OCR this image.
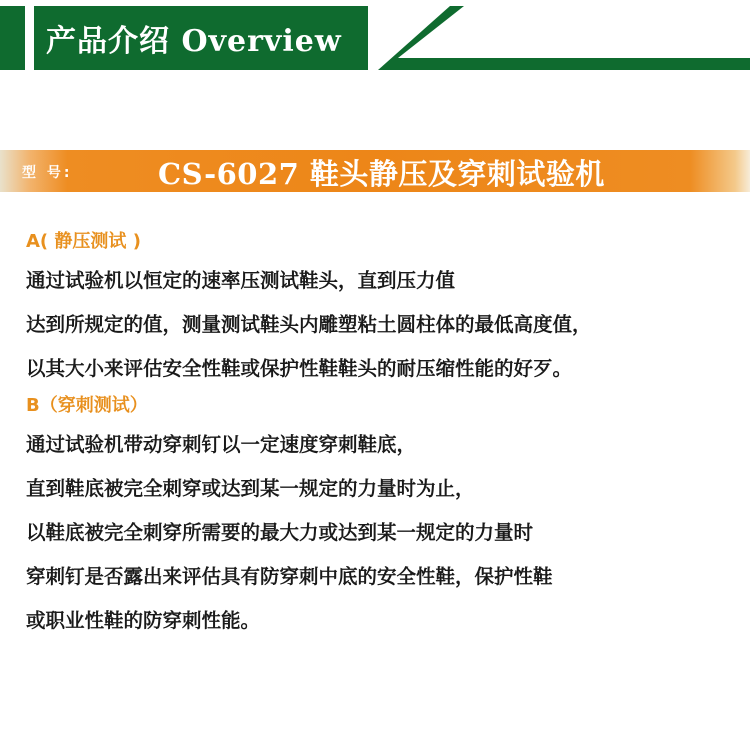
产品介绍 Overview
型 号:	CS-6027 鞋头静压及穿刺试验机
A( 静压测试 )
通过试验机以恒定的速率压测试鞋头，直到压力值
达到所规定的值，测量测试鞋头内雕塑粘土圆柱体的最低高度值，
以其大小来评估安全性鞋或保护性鞋鞋头的耐压缩性能的好歹。
B（穿刺测试）
通过试验机带动穿刺钉以一定速度穿刺鞋底，
直到鞋底被完全刺穿或达到某一规定的力量时为止，
以鞋底被完全刺穿所需要的最大力或达到某一规定的力量时
穿刺钉是否露出来评估具有防穿刺中底的安全性鞋，保护性鞋
或职业性鞋的防穿刺性能。
